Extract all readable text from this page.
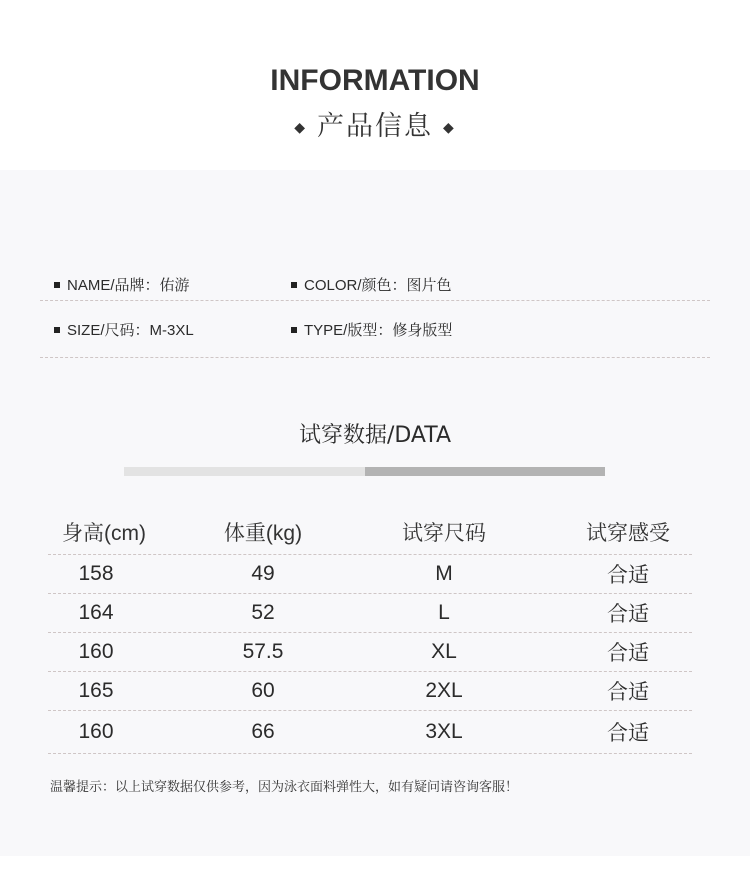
INFORMATION
◆ 产品信息 ◆
NAME/品牌：佑游	COLOR/颜色：图片色
SIZE/尺码：M-3XL	TYPE/版型：修身版型
试穿数据/DATA
身高(cm)	体重(kg)	试穿尺码	试穿感受
158	49	M	合适
164	52	L	合适
160	57.5	XL	合适
165	60	2XL	合适
160	66	3XL	合适
温馨提示：以上试穿数据仅供参考，因为泳衣面料弹性大，如有疑问请咨询客服！
